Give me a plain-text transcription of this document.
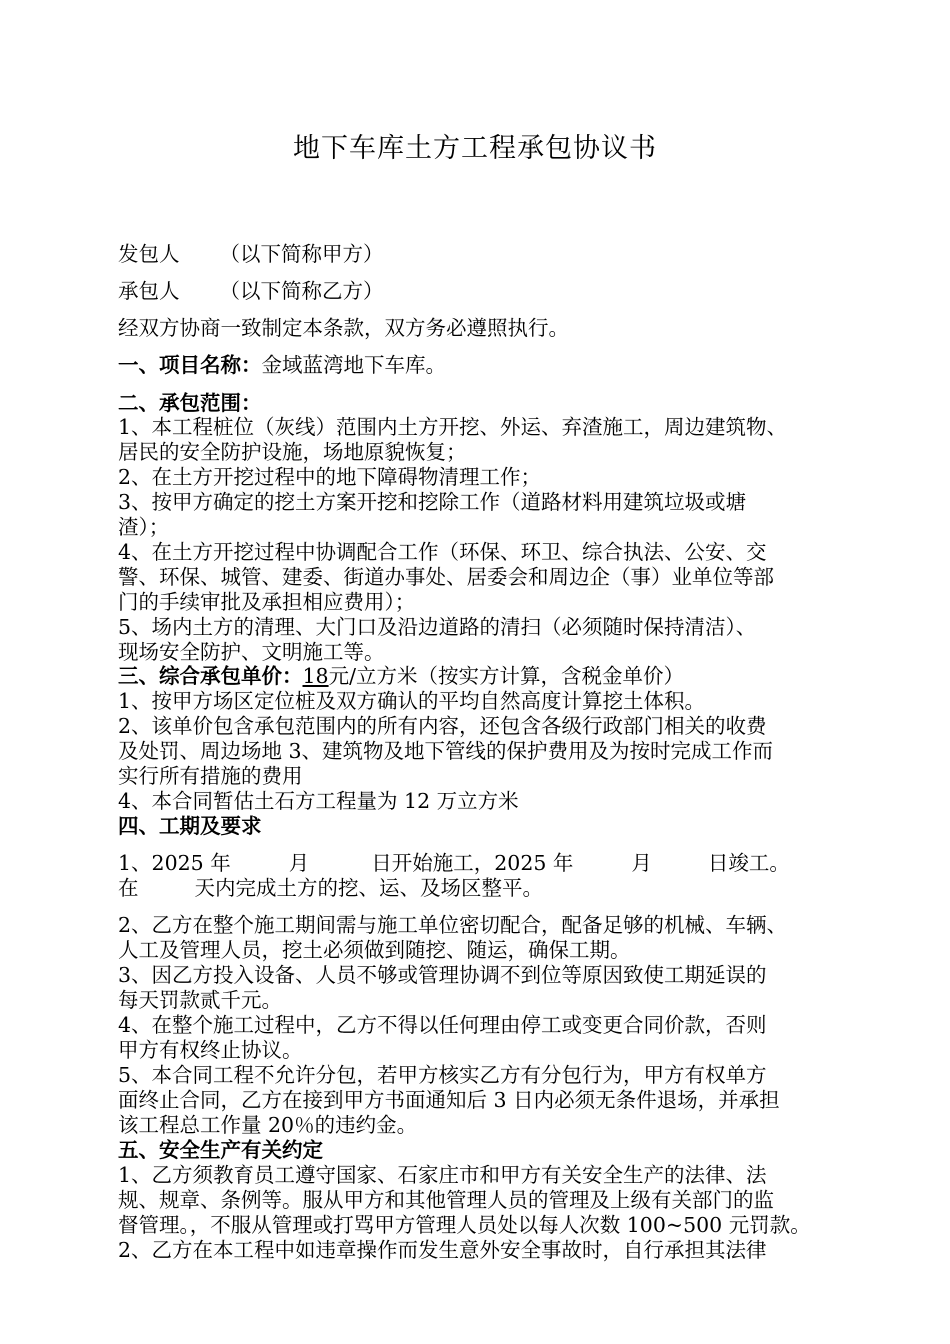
地下车库土方工程承包协议书
发包人 （以下简称甲方）
承包人 （以下简称乙方）
经双方协商一致制定本条款，双方务必遵照执行。
一、项目名称：金域蓝湾地下车库。
二、承包范围：
1、本工程桩位（灰线）范围内土方开挖、外运、弃渣施工，周边建筑物、
居民的安全防护设施，场地原貌恢复；
2、在土方开挖过程中的地下障碍物清理工作；
3、按甲方确定的挖土方案开挖和挖除工作（道路材料用建筑垃圾或塘
渣）；
4、在土方开挖过程中协调配合工作（环保、环卫、综合执法、公安、交
警、环保、城管、建委、街道办事处、居委会和周边企（事）业单位等部
门的手续审批及承担相应费用）；
5、场内土方的清理、大门口及沿边道路的清扫（必须随时保持清洁）、
现场安全防护、文明施工等。
三、综合承包单价：18元/立方米（按实方计算，含税金单价）
1、按甲方场区定位桩及双方确认的平均自然高度计算挖土体积。
2、该单价包含承包范围内的所有内容，还包含各级行政部门相关的收费
及处罚、周边场地 3、建筑物及地下管线的保护费用及为按时完成工作而
实行所有措施的费用
4、本合同暂估土石方工程量为 12 万立方米
四、工期及要求
1、2025 年	月	日开始施工，2025 年	月	日竣工。
在	天内完成土方的挖、运、及场区整平。
2、乙方在整个施工期间需与施工单位密切配合，配备足够的机械、车辆、
人工及管理人员，挖土必须做到随挖、随运，确保工期。
3、因乙方投入设备、人员不够或管理协调不到位等原因致使工期延误的
每天罚款贰千元。
4、在整个施工过程中，乙方不得以任何理由停工或变更合同价款，否则
甲方有权终止协议。
5、本合同工程不允许分包，若甲方核实乙方有分包行为，甲方有权单方
面终止合同，乙方在接到甲方书面通知后 3 日内必须无条件退场，并承担
该工程总工作量 20％的违约金。
五、安全生产有关约定
1、乙方须教育员工遵守国家、石家庄市和甲方有关安全生产的法律、法
规、规章、条例等。服从甲方和其他管理人员的管理及上级有关部门的监
督管理。，不服从管理或打骂甲方管理人员处以每人次数 100~500 元罚款。
2、乙方在本工程中如违章操作而发生意外安全事故时，自行承担其法律
